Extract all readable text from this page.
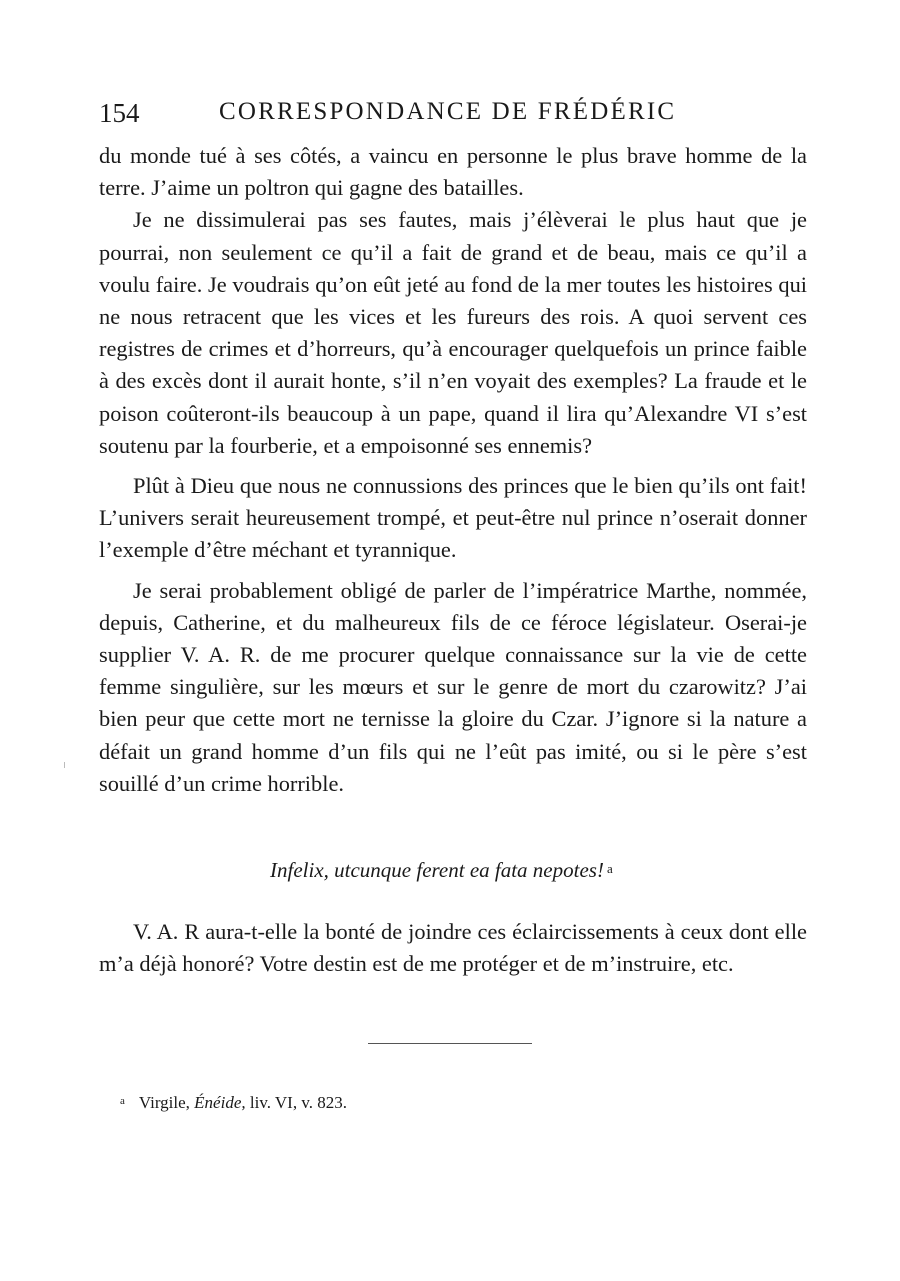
154	CORRESPONDANCE DE FRÉDÉRIC

du monde tué à ses côtés, a vaincu en personne le plus brave homme de la terre. J’aime un poltron qui gagne des batailles.

Je ne dissimulerai pas ses fautes, mais j’élèverai le plus haut que je pourrai, non seulement ce qu’il a fait de grand et de beau, mais ce qu’il a voulu faire. Je voudrais qu’on eût jeté au fond de la mer toutes les histoires qui ne nous retracent que les vices et les fureurs des rois. A quoi servent ces registres de crimes et d’horreurs, qu’à encourager quelquefois un prince faible à des excès dont il aurait honte, s’il n’en voyait des exemples? La fraude et le poison coûteront-ils beaucoup à un pape, quand il lira qu’Alexandre VI s’est soutenu par la fourberie, et a empoisonné ses ennemis?

Plût à Dieu que nous ne connussions des princes que le bien qu’ils ont fait! L’univers serait heureusement trompé, et peut-être nul prince n’oserait donner l’exemple d’être méchant et tyrannique.

Je serai probablement obligé de parler de l’impératrice Marthe, nommée, depuis, Catherine, et du malheureux fils de ce féroce législateur. Oserai-je supplier V. A. R. de me procurer quelque connaissance sur la vie de cette femme singulière, sur les mœurs et sur le genre de mort du czarowitz? J’ai bien peur que cette mort ne ternisse la gloire du Czar. J’ignore si la nature a défait un grand homme d’un fils qui ne l’eût pas imité, ou si le père s’est souillé d’un crime horrible.

Infelix, utcunque ferent ea fata nepotes! $^a$

V. A. R aura-t-elle la bonté de joindre ces éclaircissements à ceux dont elle m’a déjà honoré? Votre destin est de me protéger et de m’instruire, etc.

$^a$ Virgile, Énéide, liv. VI, v. 823.
